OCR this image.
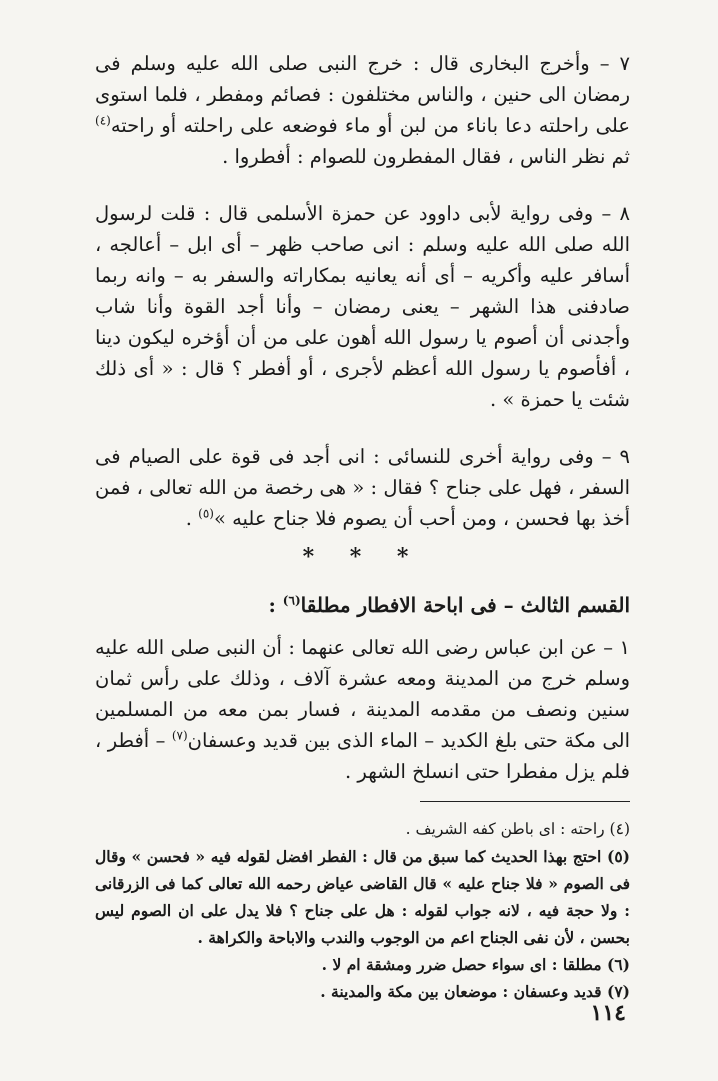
٧ – وأخرج البخارى قال : خرج النبى صلى الله عليه وسلم فى رمضان الى حنين ، والناس مختلفون : فصائم ومفطر ، فلما استوى على راحلته دعا باناء من لبن أو ماء فوضعه على راحلته أو راحته$^{(٤)}$ ثم نظر الناس ، فقال المفطرون للصوام : أفطروا .

٨ – وفى رواية لأبى داوود عن حمزة الأسلمى قال : قلت لرسول الله صلى الله عليه وسلم : انى صاحب ظهر – أى ابل – أعالجه ، أسافر عليه وأكريه – أى أنه يعانيه بمكاراته والسفر به – وانه ربما صادفنى هذا الشهر – يعنى رمضان – وأنا أجد القوة وأنا شاب وأجدنى أن أصوم يا رسول الله أهون على من أن أؤخره ليكون دينا ، أفأصوم يا رسول الله أعظم لأجرى ، أو أفطر ؟ قال : « أى ذلك شئت يا حمزة » .

٩ – وفى رواية أخرى للنسائى : انى أجد فى قوة على الصيام فى السفر ، فهل على جناح ؟ فقال : « هى رخصة من الله تعالى ، فمن أخذ بها فحسن ، ومن أحب أن يصوم فلا جناح عليه »$^{(٥)}$ .

* * *
القسم الثالث – فى اباحة الافطار مطلقا$^{(٦)}$ :

١ – عن ابن عباس رضى الله تعالى عنهما : أن النبى صلى الله عليه وسلم خرج من المدينة ومعه عشرة آلاف ، وذلك على رأس ثمان سنين ونصف من مقدمه المدينة ، فسار بمن معه من المسلمين الى مكة حتى بلغ الكديد – الماء الذى بين قديد وعسفان$^{(٧)}$ – أفطر ، فلم يزل مفطرا حتى انسلخ الشهر .

(٤) راحته : اى باطن كفه الشريف .

(٥) احتج بهذا الحديث كما سبق من قال : الفطر افضل لقوله فيه « فحسن » وقال فى الصوم « فلا جناح عليه » قال القاضى عياض رحمه الله تعالى كما فى الزرقانى : ولا حجة فيه ، لانه جواب لقوله : هل على جناح ؟ فلا يدل على ان الصوم ليس بحسن ، لأن نفى الجناح اعم من الوجوب والندب والاباحة والكراهة .

(٦) مطلقا : اى سواء حصل ضرر ومشقة ام لا .

(٧) قديد وعسفان : موضعان بين مكة والمدينة .

١١٤
